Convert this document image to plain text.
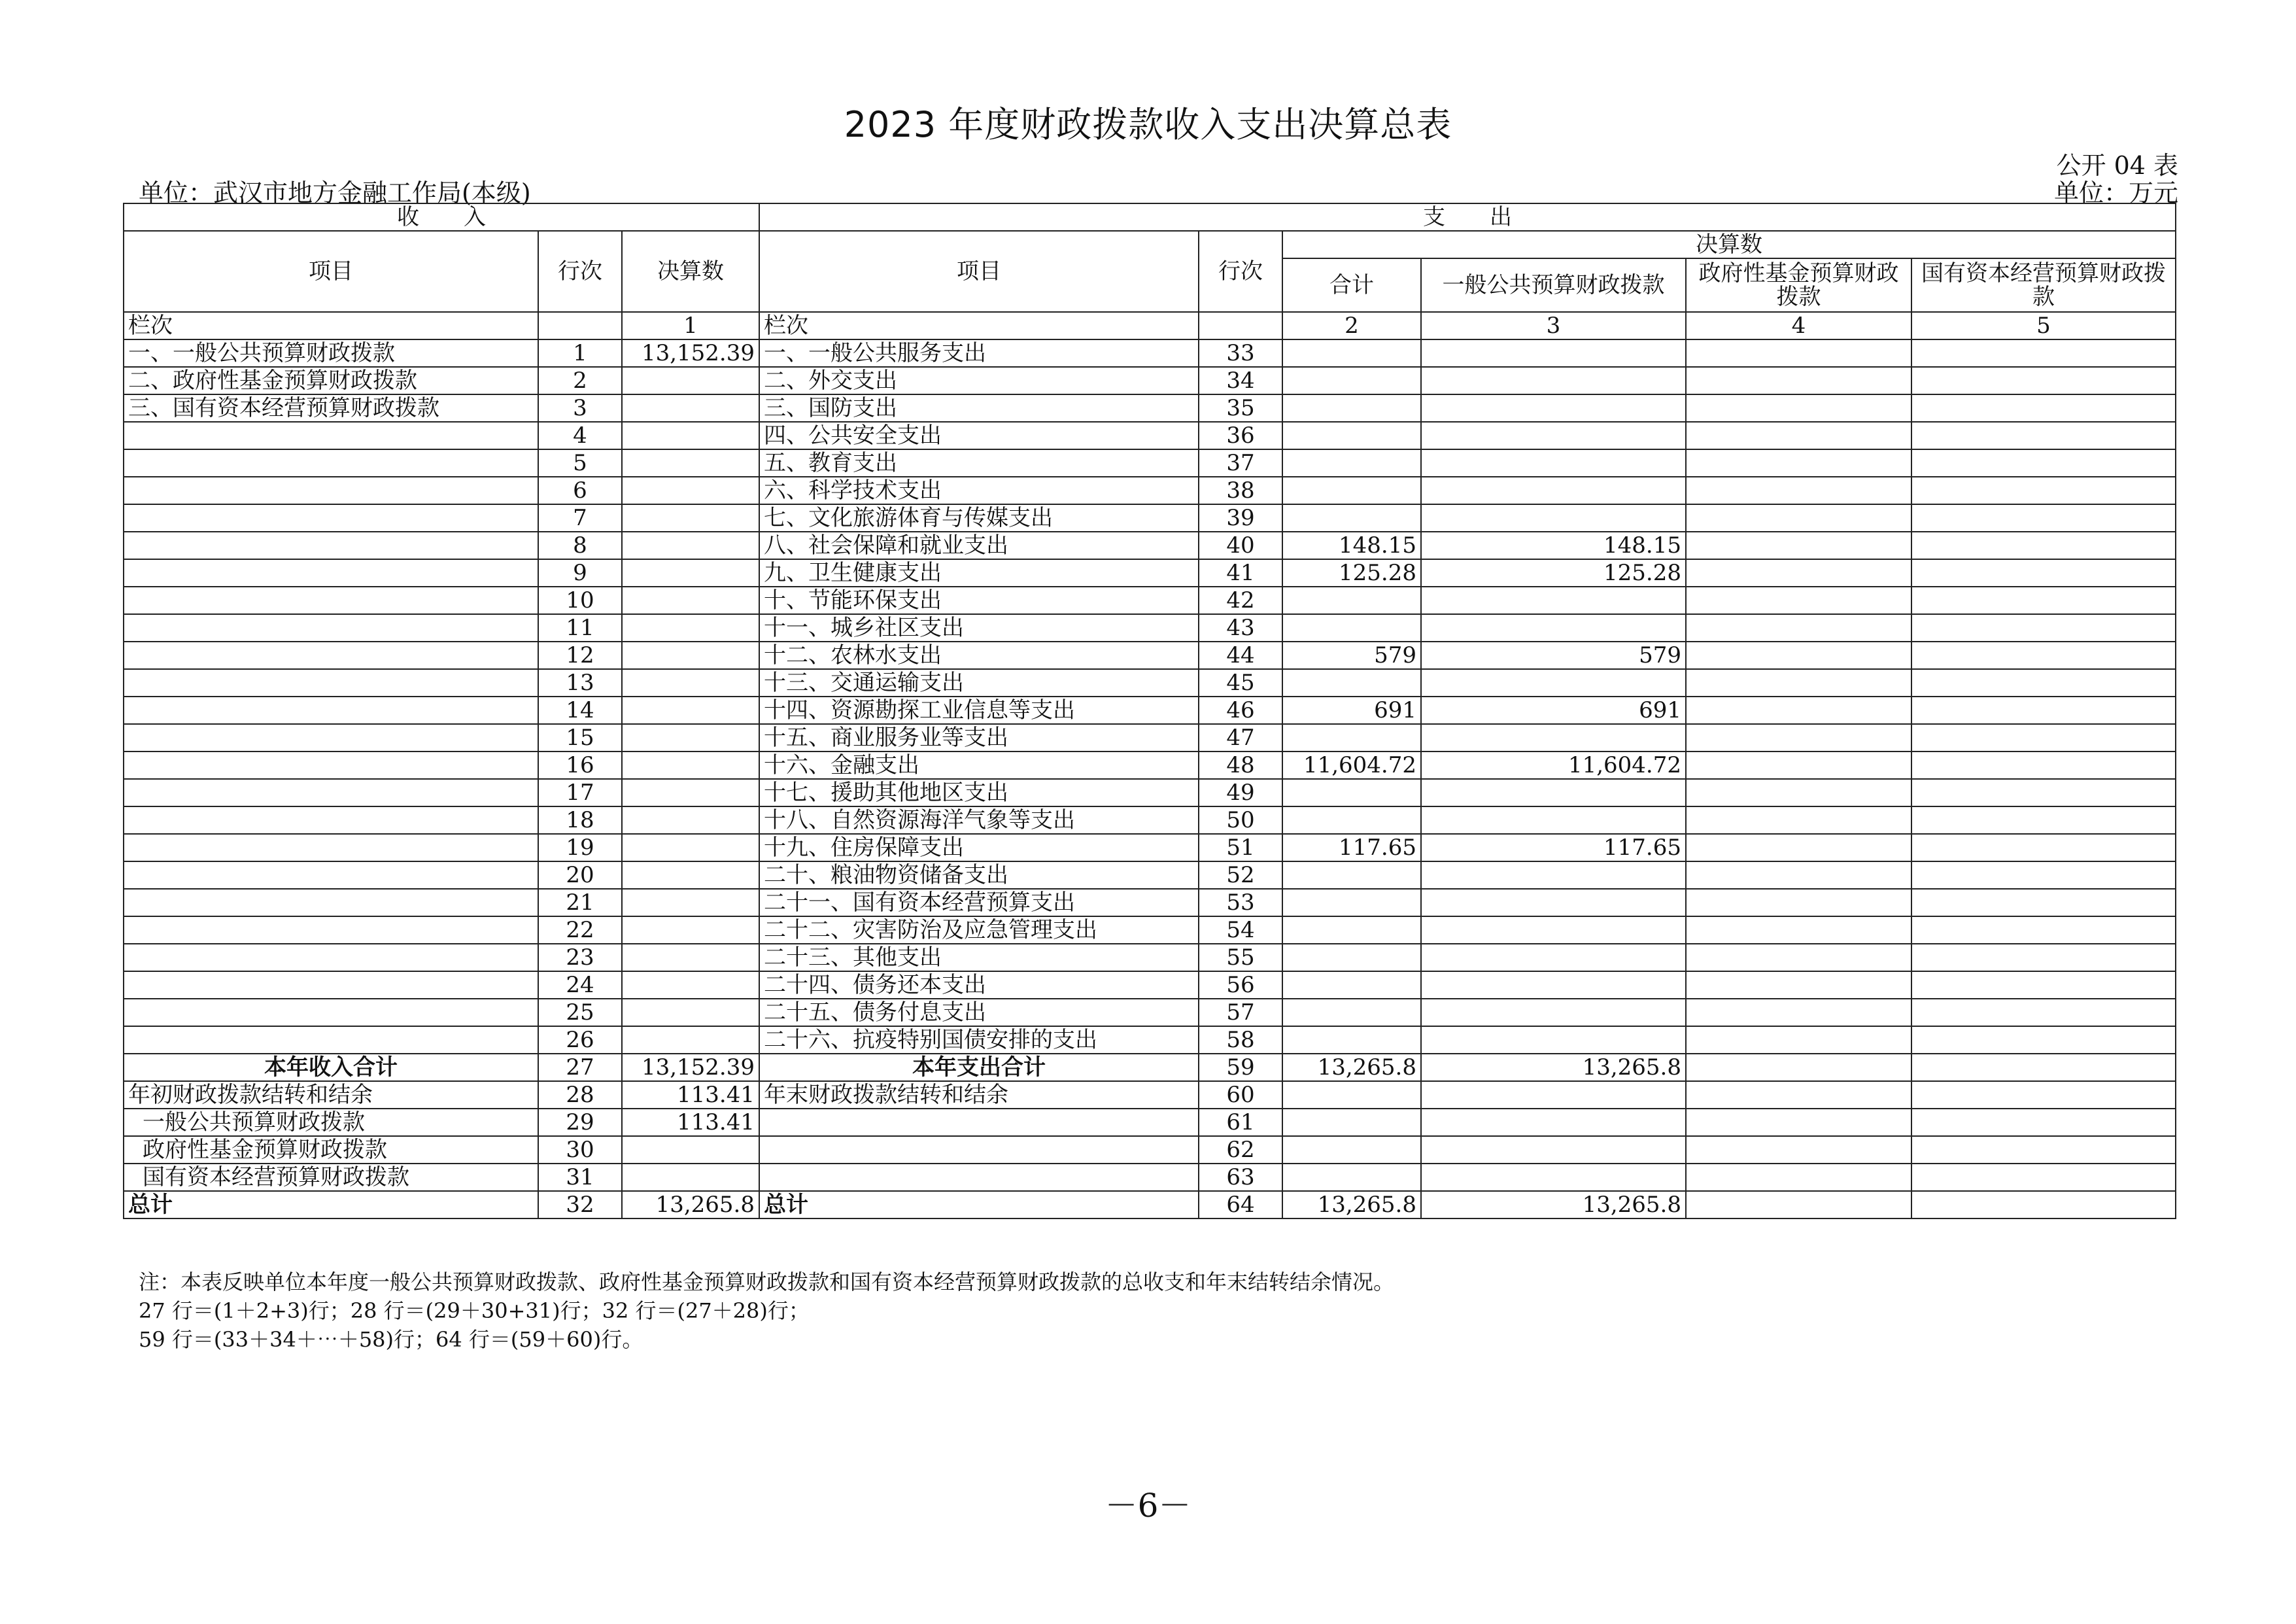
2023 年度财政拨款收入支出决算总表
公开 04 表
单位：武汉市地方金融工作局(本级)	单位：万元
收　　入			支　　出					
项目	行次	决算数	项目	行次	决算数			
					合计	一般公共预算财政拨款	政府性基金预算财政拨款	国有资本经营预算财政拨款
栏次		1	栏次		2	3	4	5
一、一般公共预算财政拨款	1	13,152.39	一、一般公共服务支出	33				
二、政府性基金预算财政拨款	2		二、外交支出	34				
三、国有资本经营预算财政拨款	3		三、国防支出	35				
	4		四、公共安全支出	36				
	5		五、教育支出	37				
	6		六、科学技术支出	38				
	7		七、文化旅游体育与传媒支出	39				
	8		八、社会保障和就业支出	40	148.15	148.15		
	9		九、卫生健康支出	41	125.28	125.28		
	10		十、节能环保支出	42				
	11		十一、城乡社区支出	43				
	12		十二、农林水支出	44	579	579		
	13		十三、交通运输支出	45				
	14		十四、资源勘探工业信息等支出	46	691	691		
	15		十五、商业服务业等支出	47				
	16		十六、金融支出	48	11,604.72	11,604.72		
	17		十七、援助其他地区支出	49				
	18		十八、自然资源海洋气象等支出	50				
	19		十九、住房保障支出	51	117.65	117.65		
	20		二十、粮油物资储备支出	52				
	21		二十一、国有资本经营预算支出	53				
	22		二十二、灾害防治及应急管理支出	54				
	23		二十三、其他支出	55				
	24		二十四、债务还本支出	56				
	25		二十五、债务付息支出	57				
	26		二十六、抗疫特别国债安排的支出	58				
本年收入合计	27	13,152.39	本年支出合计	59	13,265.8	13,265.8		
年初财政拨款结转和结余	28	113.41	年末财政拨款结转和结余	60				
一般公共预算财政拨款	29	113.41		61				
政府性基金预算财政拨款	30			62				
国有资本经营预算财政拨款	31			63				
总计	32	13,265.8	总计	64	13,265.8	13,265.8		
注：本表反映单位本年度一般公共预算财政拨款、政府性基金预算财政拨款和国有资本经营预算财政拨款的总收支和年末结转结余情况。
27 行＝(1＋2+3)行；28 行＝(29＋30+31)行；32 行＝(27＋28)行；
59 行＝(33＋34＋⋯＋58)行；64 行＝(59＋60)行。
－6－
